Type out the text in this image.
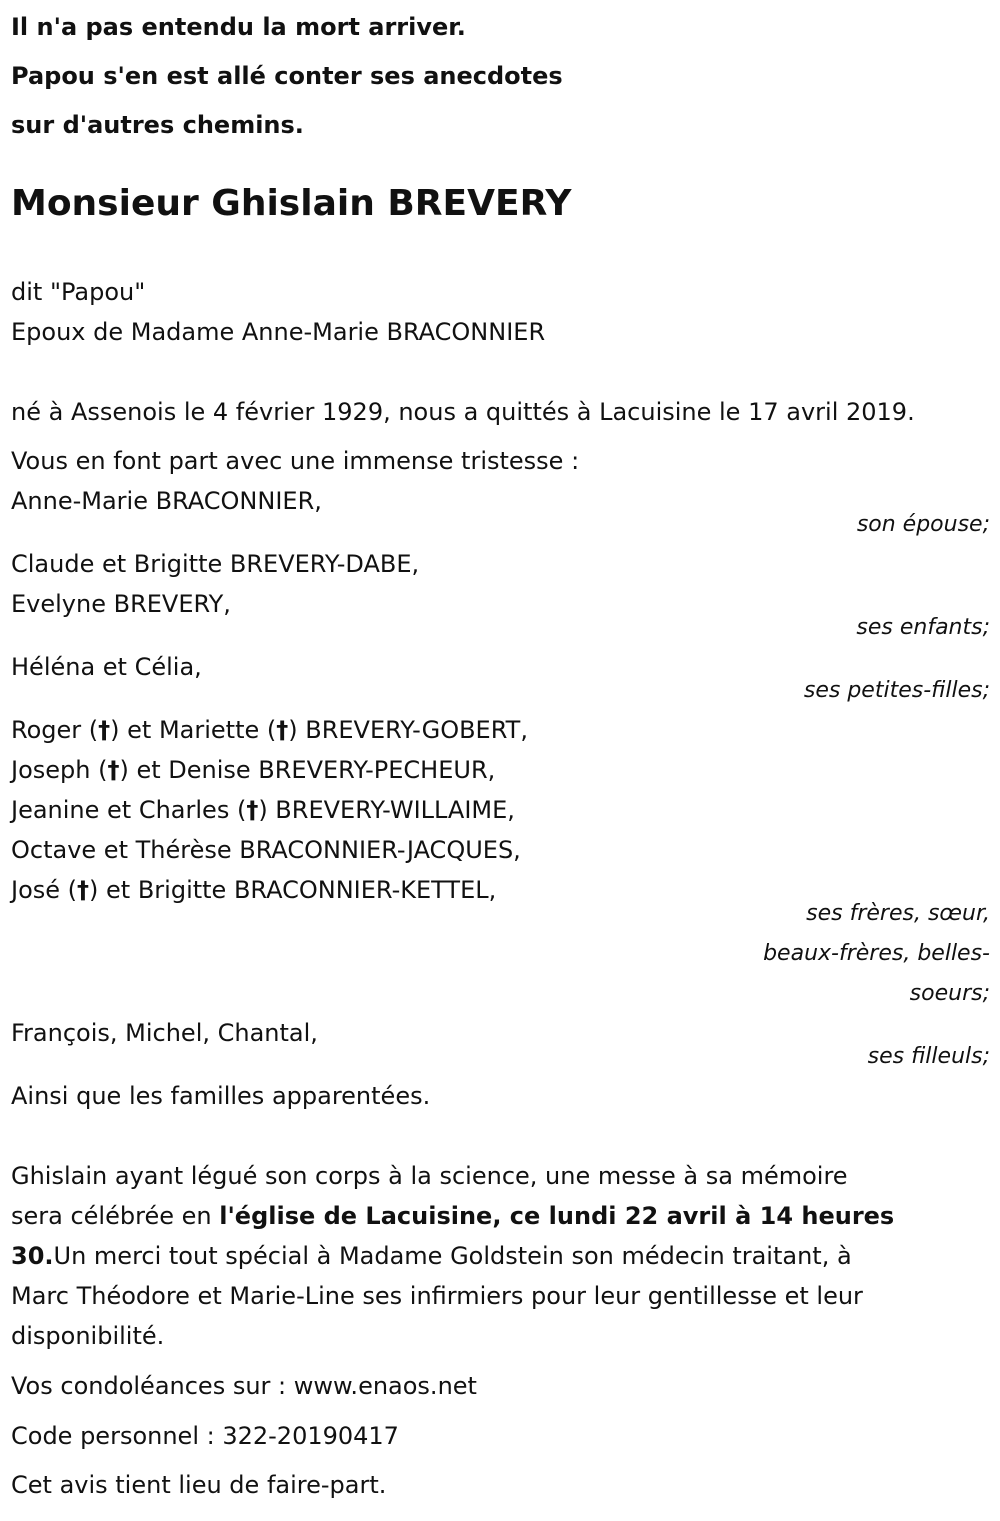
Il n'a pas entendu la mort arriver.

Papou s'en est allé conter ses anecdotes

sur d'autres chemins.

Monsieur Ghislain BREVERY

dit "Papou"

Epoux de Madame Anne-Marie BRACONNIER

né à Assenois le 4 février 1929, nous a quittés à Lacuisine le 17 avril 2019.

Vous en font part avec une immense tristesse :

Anne-Marie BRACONNIER,

son épouse;

Claude et Brigitte BREVERY-DABE,

Evelyne BREVERY,

ses enfants;

Héléna et Célia,

ses petites-filles;

Roger (†) et Mariette (†) BREVERY-GOBERT,

Joseph (†) et Denise BREVERY-PECHEUR,

Jeanine et Charles (†) BREVERY-WILLAIME,

Octave et Thérèse BRACONNIER-JACQUES,

José (†) et Brigitte BRACONNIER-KETTEL,

ses frères, sœur,

beaux-frères, belles-

soeurs;

François, Michel, Chantal,

ses filleuls;

Ainsi que les familles apparentées.

Ghislain ayant légué son corps à la science, une messe à sa mémoire

sera célébrée en l'église de Lacuisine, ce lundi 22 avril à 14 heures

30.Un merci tout spécial à Madame Goldstein son médecin traitant, à

Marc Théodore et Marie-Line ses infirmiers pour leur gentillesse et leur

disponibilité.

Vos condoléances sur : www.enaos.net

Code personnel : 322-20190417

Cet avis tient lieu de faire-part.
